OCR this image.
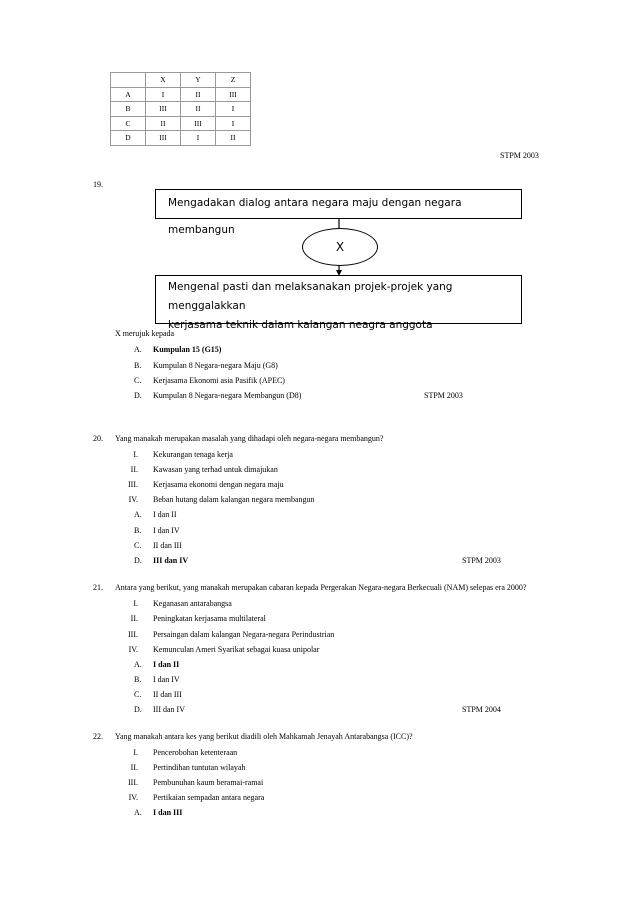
	X	Y	Z
A	I	II	III
B	III	II	I
C	II	III	I
D	III	I	II
STPM 2003
19.
Mengadakan dialog antara negara maju dengan negara membangun
X
Mengenal pasti dan melaksanakan projek-projek yang menggalakkan
kerjasama teknik dalam kalangan neagra anggota
X merujuk kepada
A. Kumpulan 15 (G15)
B. Kumpulan 8 Negara-negara Maju (G8)
C. Kerjasama Ekonomi asia Pasifik (APEC)
D. Kumpulan 8 Negara-negara Membangun (D8)	STPM 2003
20. Yang manakah merupakan masalah yang dihadapi oleh negara-negara membangun?
I. Kekurangan tenaga kerja
II. Kawasan yang terhad untuk dimajukan
III. Kerjasama ekonomi dengan negara maju
IV. Beban hutang dalam kalangan negara membangun
A. I dan II
B. I dan IV
C. II dan III
D. III dan IV	STPM 2003
21. Antara yang berikut, yang manakah merupakan cabaran kepada Pergerakan Negara-negara Berkecuali (NAM) selepas era 2000?
I. Keganasan antarabangsa
II. Peningkatan kerjasama multilateral
III. Persaingan dalam kalangan Negara-negara Perindustrian
IV. Kemunculan Ameri Syarikat sebagai kuasa unipolar
A. I dan II
B. I dan IV
C. II dan III
D. III dan IV	STPM 2004
22. Yang manakah antara kes yang berikut diadili oleh Mahkamah Jenayah Antarabangsa (ICC)?
I. Pencerobohan ketenteraan
II. Pertindihan tuntutan wilayah
III. Pembunuhan kaum beramai-ramai
IV. Pertikaian sempadan antara negara
A. I dan III
